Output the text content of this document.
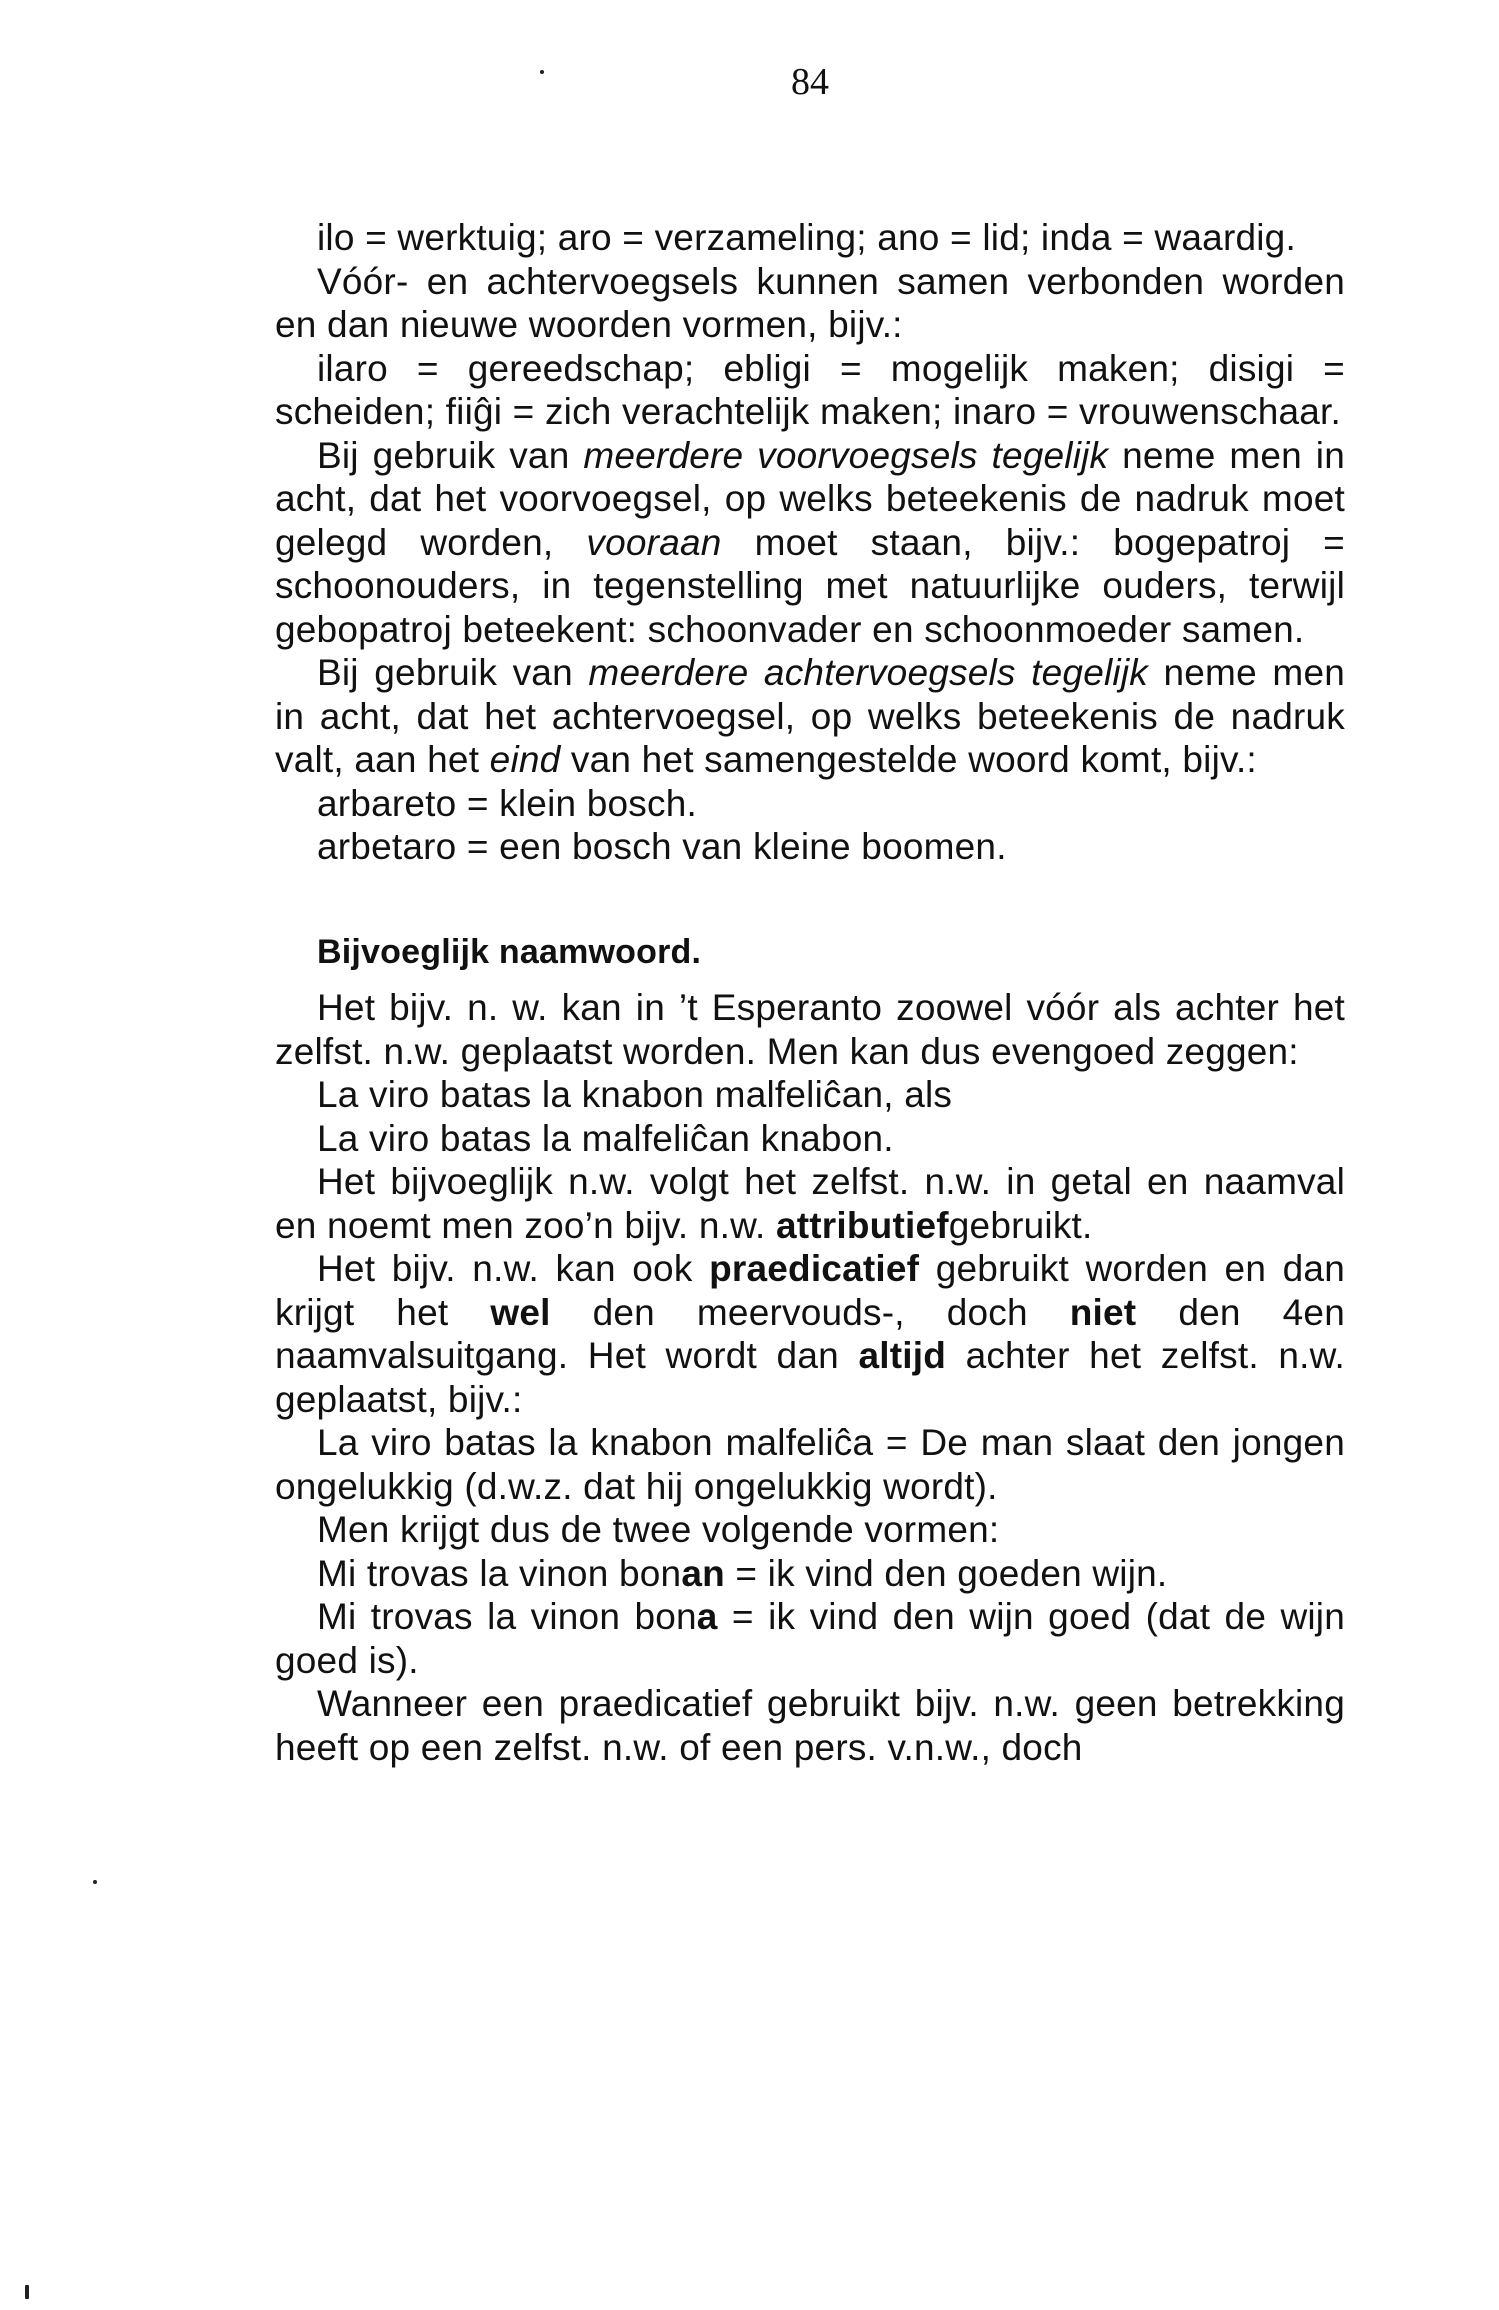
84

ilo = werktuig; aro = verzameling; ano = lid; inda = waardig.

Vóór- en achtervoegsels kunnen samen verbonden worden en dan nieuwe woorden vormen, bijv.:

ilaro = gereedschap; ebligi = mogelijk maken; disigi = scheiden; fiiĝi = zich verachtelijk maken; inaro = vrouwenschaar.

Bij gebruik van meerdere voorvoegsels tegelijk neme men in acht, dat het voorvoegsel, op welks beteekenis de nadruk moet gelegd worden, vooraan moet staan, bijv.: bogepatroj = schoonouders, in tegenstelling met natuurlijke ouders, terwijl gebopatroj beteekent: schoonvader en schoonmoeder samen.

Bij gebruik van meerdere achtervoegsels tegelijk neme men in acht, dat het achtervoegsel, op welks beteekenis de nadruk valt, aan het eind van het samengestelde woord komt, bijv.:

arbareto = klein bosch.
arbetaro = een bosch van kleine boomen.
Bijvoeglijk naamwoord.

Het bijv. n. w. kan in ’t Esperanto zoowel vóór als achter het zelfst. n.w. geplaatst worden. Men kan dus evengoed zeggen:

La viro batas la knabon malfeliĉan, als
La viro batas la malfeliĉan knabon.

Het bijvoeglijk n.w. volgt het zelfst. n.w. in getal en naamval en noemt men zoo’n bijv. n.w. attributiefgebruikt.

Het bijv. n.w. kan ook praedicatief gebruikt worden en dan krijgt het wel den meervouds-, doch niet den 4en naamvalsuitgang. Het wordt dan altijd achter het zelfst. n.w. geplaatst, bijv.:

La viro batas la knabon malfeliĉa = De man slaat den jongen ongelukkig (d.w.z. dat hij ongelukkig wordt).

Men krijgt dus de twee volgende vormen:

Mi trovas la vinon bonan = ik vind den goeden wijn.

Mi trovas la vinon bona = ik vind den wijn goed (dat de wijn goed is).

Wanneer een praedicatief gebruikt bijv. n.w. geen betrekking heeft op een zelfst. n.w. of een pers. v.n.w., doch
